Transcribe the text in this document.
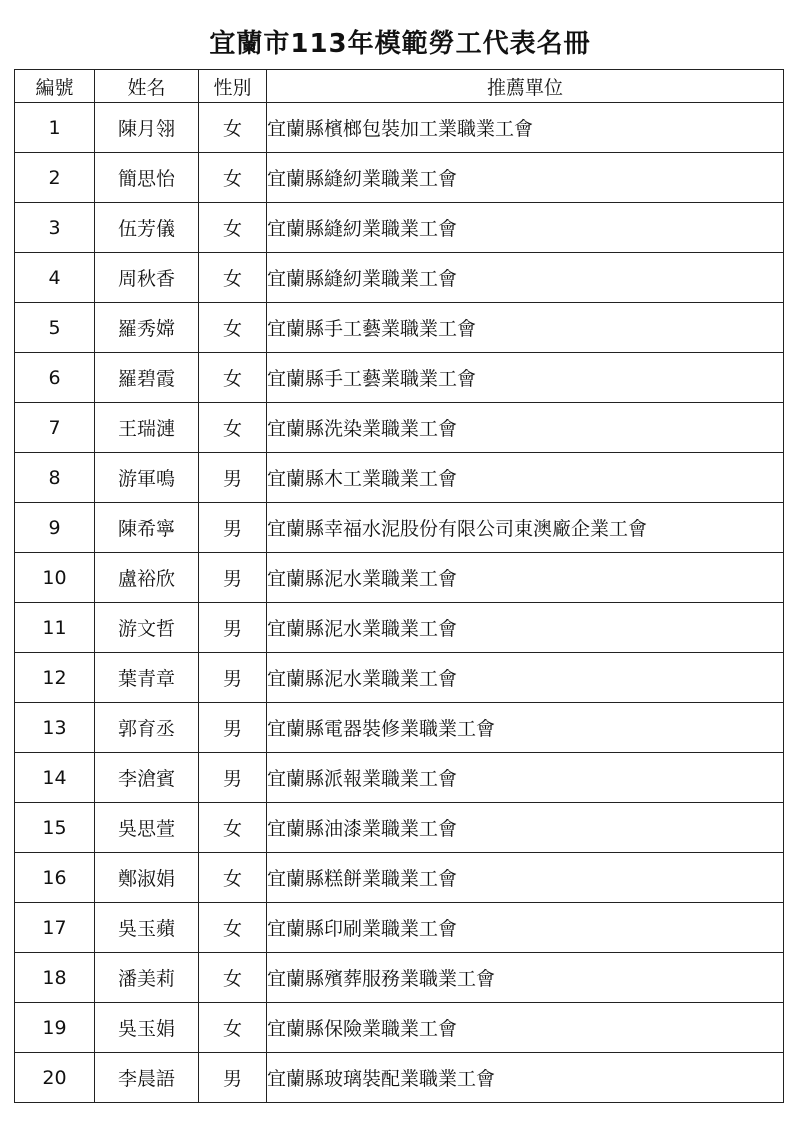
宜蘭市113年模範勞工代表名冊
編號	姓名	性別	推薦單位
1	陳月翎	女	宜蘭縣檳榔包裝加工業職業工會
2	簡思怡	女	宜蘭縣縫紉業職業工會
3	伍芳儀	女	宜蘭縣縫紉業職業工會
4	周秋香	女	宜蘭縣縫紉業職業工會
5	羅秀嫦	女	宜蘭縣手工藝業職業工會
6	羅碧霞	女	宜蘭縣手工藝業職業工會
7	王瑞漣	女	宜蘭縣洗染業職業工會
8	游軍鳴	男	宜蘭縣木工業職業工會
9	陳希寧	男	宜蘭縣幸福水泥股份有限公司東澳廠企業工會
10	盧裕欣	男	宜蘭縣泥水業職業工會
11	游文哲	男	宜蘭縣泥水業職業工會
12	葉青章	男	宜蘭縣泥水業職業工會
13	郭育丞	男	宜蘭縣電器裝修業職業工會
14	李滄賓	男	宜蘭縣派報業職業工會
15	吳思萱	女	宜蘭縣油漆業職業工會
16	鄭淑娟	女	宜蘭縣糕餅業職業工會
17	吳玉蘋	女	宜蘭縣印刷業職業工會
18	潘美莉	女	宜蘭縣殯葬服務業職業工會
19	吳玉娟	女	宜蘭縣保險業職業工會
20	李晨語	男	宜蘭縣玻璃裝配業職業工會
